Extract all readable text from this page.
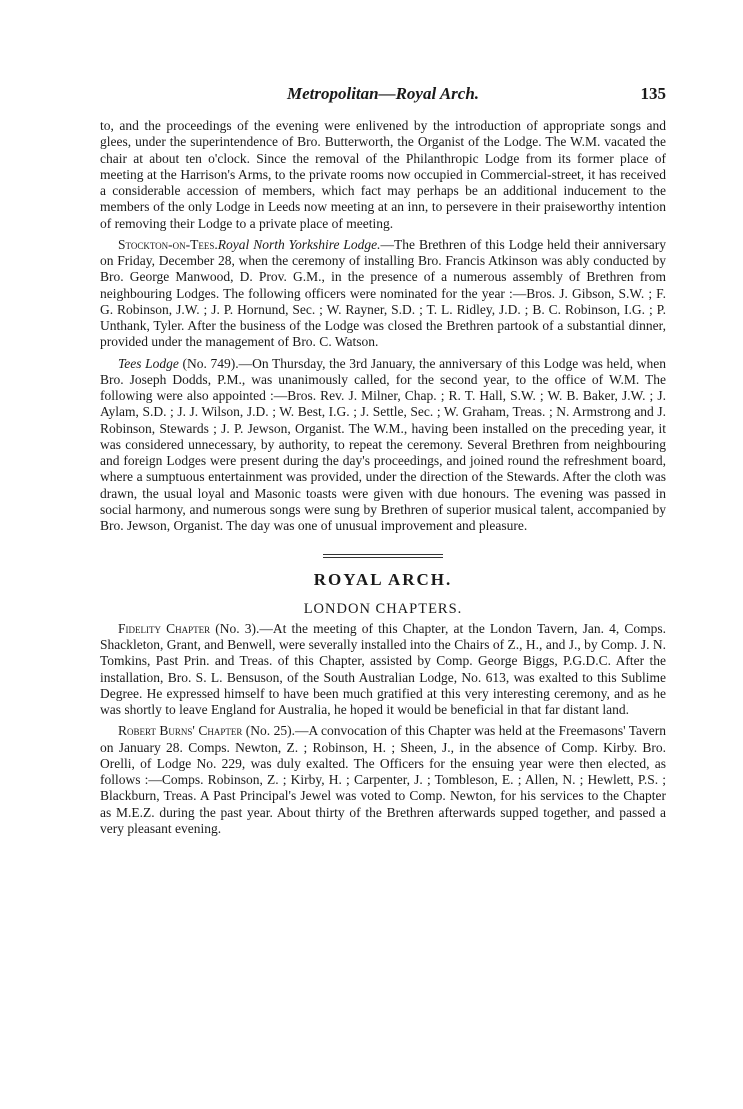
Metropolitan—Royal Arch.	135

to, and the proceedings of the evening were enlivened by the introduction of appropriate songs and glees, under the superintendence of Bro. Butterworth, the Organist of the Lodge. The W.M. vacated the chair at about ten o'clock. Since the removal of the Philanthropic Lodge from its former place of meeting at the Harrison's Arms, to the private rooms now occupied in Commercial-street, it has received a considerable accession of members, which fact may perhaps be an additional inducement to the members of the only Lodge in Leeds now meeting at an inn, to persevere in their praiseworthy intention of removing their Lodge to a private place of meeting.

Stockton-on-Tees.Royal North Yorkshire Lodge.—The Brethren of this Lodge held their anniversary on Friday, December 28, when the ceremony of installing Bro. Francis Atkinson was ably conducted by Bro. George Manwood, D. Prov. G.M., in the presence of a numerous assembly of Brethren from neighbouring Lodges. The following officers were nominated for the year :—Bros. J. Gibson, S.W. ; F. G. Robinson, J.W. ; J. P. Hornund, Sec. ; W. Rayner, S.D. ; T. L. Ridley, J.D. ; B. C. Robinson, I.G. ; P. Unthank, Tyler. After the business of the Lodge was closed the Brethren partook of a substantial dinner, provided under the management of Bro. C. Watson.

Tees Lodge (No. 749).—On Thursday, the 3rd January, the anniversary of this Lodge was held, when Bro. Joseph Dodds, P.M., was unanimously called, for the second year, to the office of W.M. The following were also appointed :—Bros. Rev. J. Milner, Chap. ; R. T. Hall, S.W. ; W. B. Baker, J.W. ; J. Aylam, S.D. ; J. J. Wilson, J.D. ; W. Best, I.G. ; J. Settle, Sec. ; W. Graham, Treas. ; N. Armstrong and J. Robinson, Stewards ; J. P. Jewson, Organist. The W.M., having been installed on the preceding year, it was considered unnecessary, by authority, to repeat the ceremony. Several Brethren from neighbouring and foreign Lodges were present during the day's proceedings, and joined round the refreshment board, where a sumptuous entertainment was provided, under the direction of the Stewards. After the cloth was drawn, the usual loyal and Masonic toasts were given with due honours. The evening was passed in social harmony, and numerous songs were sung by Brethren of superior musical talent, accompanied by Bro. Jewson, Organist. The day was one of unusual improvement and pleasure.

ROYAL ARCH.
LONDON CHAPTERS.

Fidelity Chapter (No. 3).—At the meeting of this Chapter, at the London Tavern, Jan. 4, Comps. Shackleton, Grant, and Benwell, were severally installed into the Chairs of Z., H., and J., by Comp. J. N. Tomkins, Past Prin. and Treas. of this Chapter, assisted by Comp. George Biggs, P.G.D.C. After the installation, Bro. S. L. Bensuson, of the South Australian Lodge, No. 613, was exalted to this Sublime Degree. He expressed himself to have been much gratified at this very interesting ceremony, and as he was shortly to leave England for Australia, he hoped it would be beneficial in that far distant land.

Robert Burns' Chapter (No. 25).—A convocation of this Chapter was held at the Freemasons' Tavern on January 28. Comps. Newton, Z. ; Robinson, H. ; Sheen, J., in the absence of Comp. Kirby. Bro. Orelli, of Lodge No. 229, was duly exalted. The Officers for the ensuing year were then elected, as follows :—Comps. Robinson, Z. ; Kirby, H. ; Carpenter, J. ; Tombleson, E. ; Allen, N. ; Hewlett, P.S. ; Blackburn, Treas. A Past Principal's Jewel was voted to Comp. Newton, for his services to the Chapter as M.E.Z. during the past year. About thirty of the Brethren afterwards supped together, and passed a very pleasant evening.
